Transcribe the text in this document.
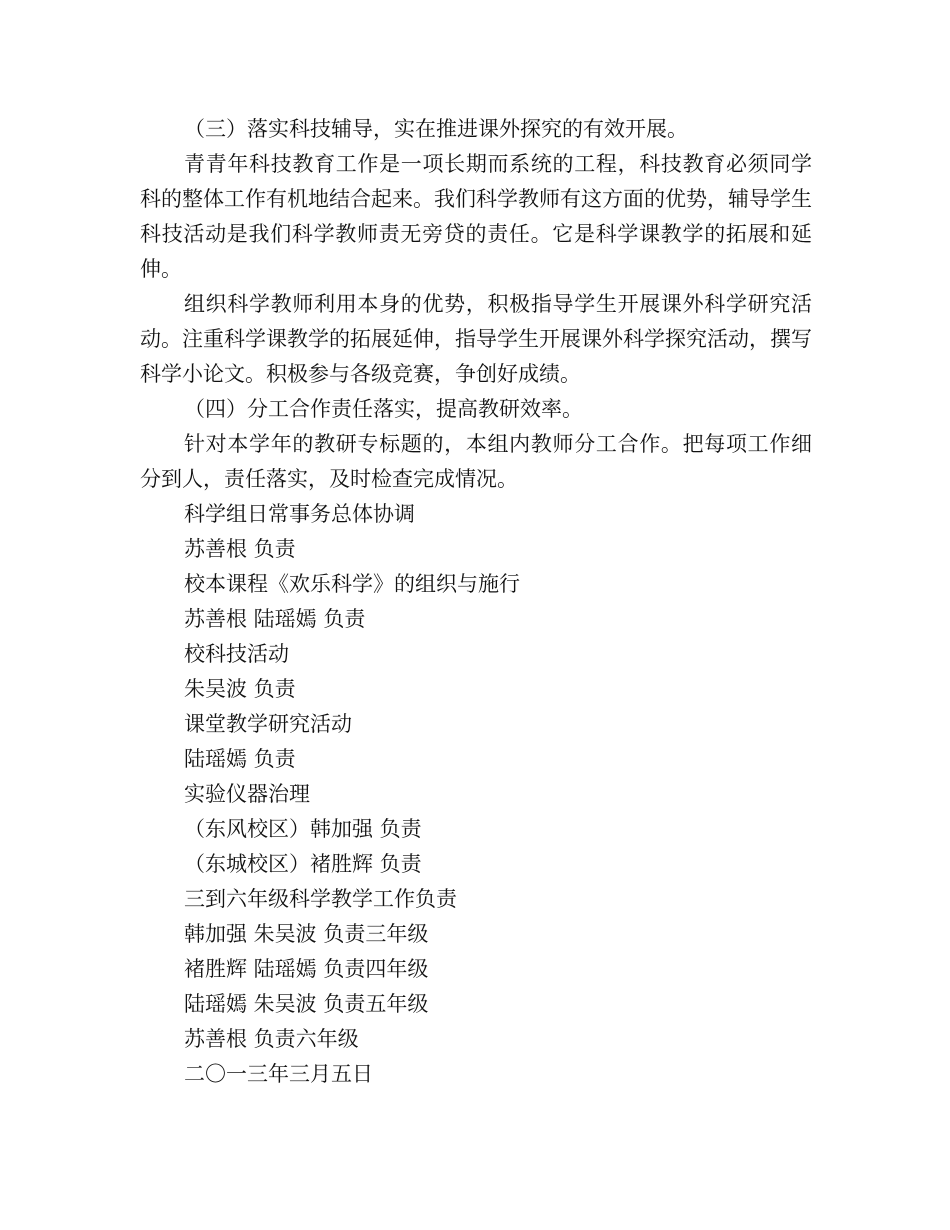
（三）落实科技辅导，实在推进课外探究的有效开展。

青青年科技教育工作是一项长期而系统的工程，科技教育必须同学科的整体工作有机地结合起来。我们科学教师有这方面的优势，辅导学生科技活动是我们科学教师责无旁贷的责任。它是科学课教学的拓展和延伸。

组织科学教师利用本身的优势，积极指导学生开展课外科学研究活动。注重科学课教学的拓展延伸，指导学生开展课外科学探究活动，撰写科学小论文。积极参与各级竞赛，争创好成绩。

（四）分工合作责任落实，提高教研效率。

针对本学年的教研专标题的，本组内教师分工合作。把每项工作细分到人，责任落实，及时检查完成情况。

科学组日常事务总体协调

苏善根 负责

校本课程《欢乐科学》的组织与施行

苏善根 陆瑶嫣 负责

校科技活动

朱吴波 负责

课堂教学研究活动

陆瑶嫣 负责

实验仪器治理

（东风校区）韩加强 负责

（东城校区）褚胜辉 负责

三到六年级科学教学工作负责

韩加强 朱吴波 负责三年级

褚胜辉 陆瑶嫣 负责四年级

陆瑶嫣 朱吴波 负责五年级

苏善根 负责六年级

二〇一三年三月五日
